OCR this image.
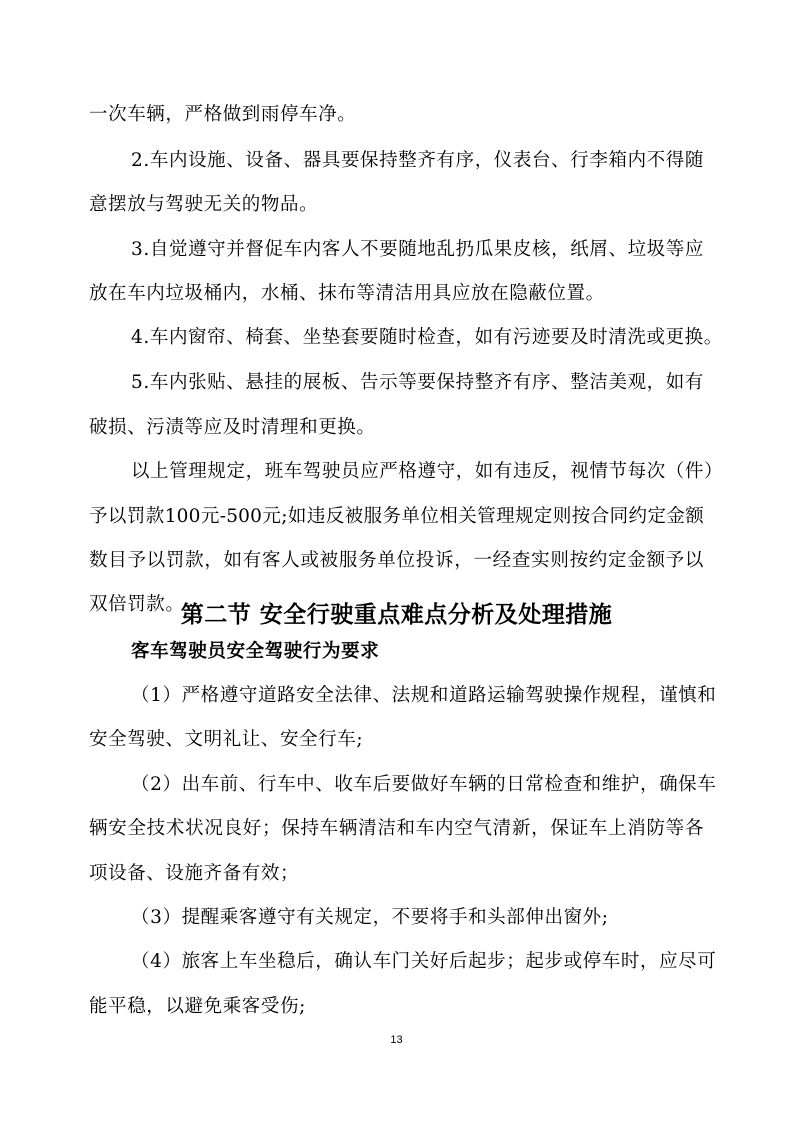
一次车辆，严格做到雨停车净。
2.车内设施、设备、器具要保持整齐有序，仪表台、行李箱内不得随
意摆放与驾驶无关的物品。
3.自觉遵守并督促车内客人不要随地乱扔瓜果皮核，纸屑、垃圾等应
放在车内垃圾桶内，水桶、抹布等清洁用具应放在隐蔽位置。
4.车内窗帘、椅套、坐垫套要随时检查，如有污迹要及时清洗或更换。
5.车内张贴、悬挂的展板、告示等要保持整齐有序、整洁美观，如有
破损、污渍等应及时清理和更换。
以上管理规定，班车驾驶员应严格遵守，如有违反，视情节每次（件）
予以罚款100元-500元;如违反被服务单位相关管理规定则按合同约定金额
数目予以罚款，如有客人或被服务单位投诉，一经查实则按约定金额予以
双倍罚款。
第二节 安全行驶重点难点分析及处理措施
客车驾驶员安全驾驶行为要求
（1）严格遵守道路安全法律、法规和道路运输驾驶操作规程，谨慎和
安全驾驶、文明礼让、安全行车;
（2）出车前、行车中、收车后要做好车辆的日常检查和维护，确保车
辆安全技术状况良好；保持车辆清洁和车内空气清新，保证车上消防等各
项设备、设施齐备有效；
（3）提醒乘客遵守有关规定，不要将手和头部伸出窗外;
（4）旅客上车坐稳后，确认车门关好后起步；起步或停车时，应尽可
能平稳，以避免乘客受伤;
13
